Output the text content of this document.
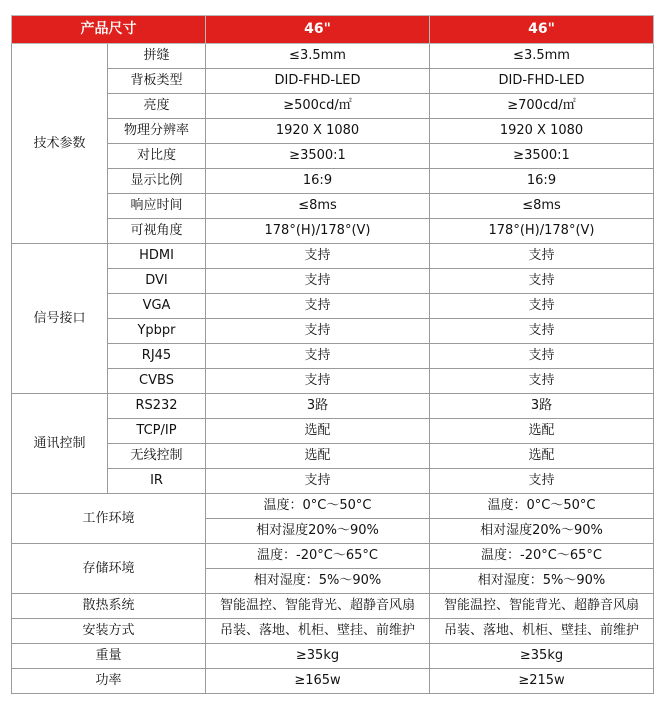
产品尺寸		46"	46"
技术参数	拼缝	≤3.5mm	≤3.5mm
	背板类型	DID-FHD-LED	DID-FHD-LED
	亮度	≥500cd/㎡	≥700cd/㎡
	物理分辨率	1920 X 1080	1920 X 1080
	对比度	≥3500:1	≥3500:1
	显示比例	16:9	16:9
	响应时间	≤8ms	≤8ms
	可视角度	178°(H)/178°(V)	178°(H)/178°(V)
信号接口	HDMI	支持	支持
	DVI	支持	支持
	VGA	支持	支持
	Ypbpr	支持	支持
	RJ45	支持	支持
	CVBS	支持	支持
通讯控制	RS232	3路	3路
	TCP/IP	选配	选配
	无线控制	选配	选配
	IR	支持	支持
工作环境		温度：0°C～50°C	温度：0°C～50°C
		相对湿度20%～90%	相对湿度20%～90%
存储环境		温度：-20°C～65°C	温度：-20°C～65°C
		相对湿度：5%～90%	相对湿度：5%～90%
散热系统		智能温控、智能背光、超静音风扇	智能温控、智能背光、超静音风扇
安装方式		吊装、落地、机柜、壁挂、前维护	吊装、落地、机柜、壁挂、前维护
重量		≥35kg	≥35kg
功率		≥165w	≥215w
